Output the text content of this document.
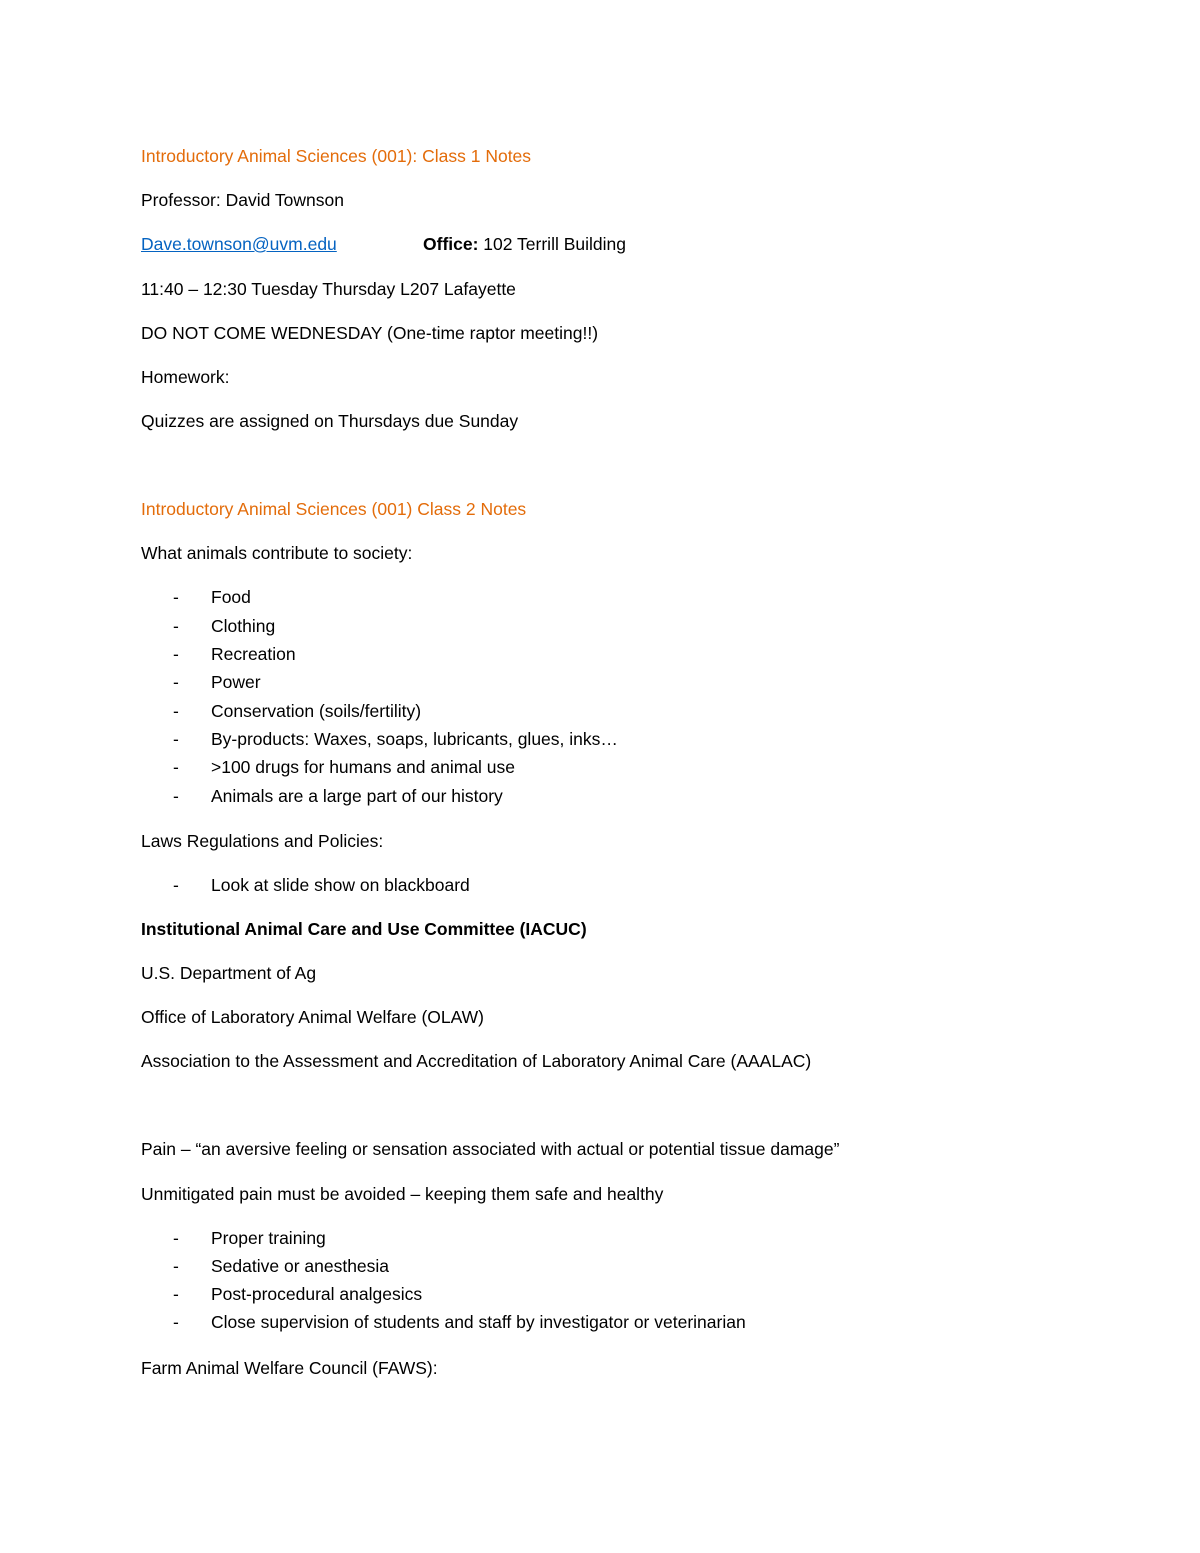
Introductory Animal Sciences (001): Class 1 Notes
Professor: David Townson
Dave.townson@uvm.edu	Office: 102 Terrill Building
11:40 – 12:30 Tuesday Thursday L207 Lafayette
DO NOT COME WEDNESDAY (One-time raptor meeting!!)
Homework:
Quizzes are assigned on Thursdays due Sunday
Introductory Animal Sciences (001) Class 2 Notes
What animals contribute to society:
- Food
- Clothing
- Recreation
- Power
- Conservation (soils/fertility)
- By-products: Waxes, soaps, lubricants, glues, inks…
- >100 drugs for humans and animal use
- Animals are a large part of our history
Laws Regulations and Policies:
- Look at slide show on blackboard
Institutional Animal Care and Use Committee (IACUC)
U.S. Department of Ag
Office of Laboratory Animal Welfare (OLAW)
Association to the Assessment and Accreditation of Laboratory Animal Care (AAALAC)
Pain – “an aversive feeling or sensation associated with actual or potential tissue damage”
Unmitigated pain must be avoided – keeping them safe and healthy
- Proper training
- Sedative or anesthesia
- Post-procedural analgesics
- Close supervision of students and staff by investigator or veterinarian
Farm Animal Welfare Council (FAWS):
